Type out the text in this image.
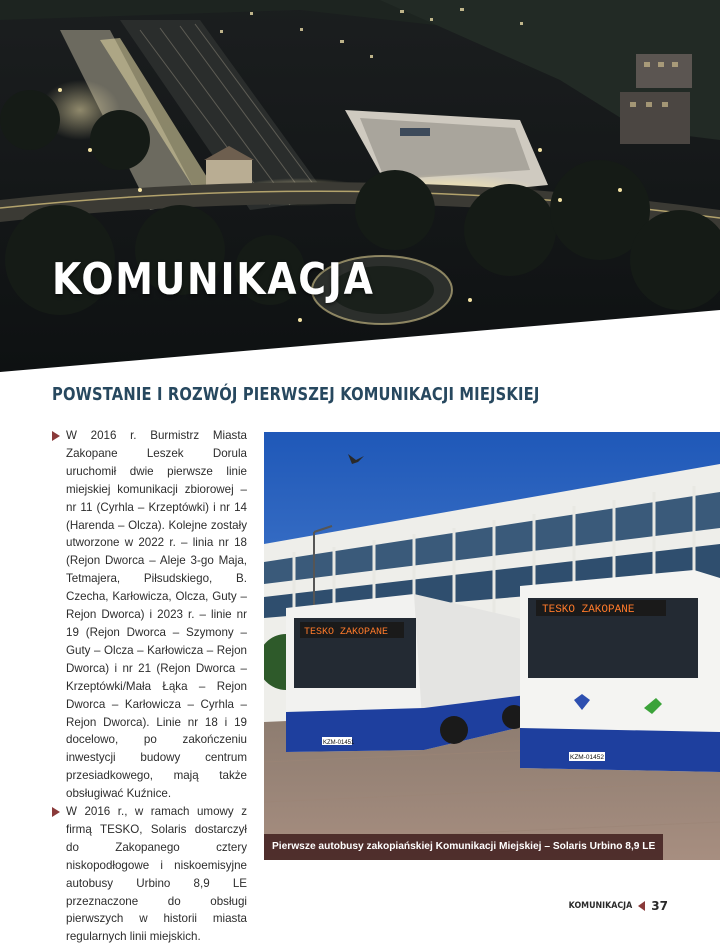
KOMUNIKACJA
POWSTANIE I ROZWÓJ PIERWSZEJ KOMUNIKACJI MIEJSKIEJ
W 2016 r. Burmistrz Miasta Zakopane Leszek Dorula uruchomił dwie pierwsze linie miejskiej komunikacji zbiorowej – nr 11 (Cyrhla – Krzeptówki) i nr 14 (Harenda – Olcza). Kolejne zostały utworzone w 2022 r. – linia nr 18 (Rejon Dworca – Aleje 3-go Maja, Tetmajera, Piłsudskiego, B. Czecha, Karłowicza, Olcza, Guty – Rejon Dworca) i 2023 r. – linie nr 19 (Rejon Dworca – Szymony – Guty – Olcza – Karłowicza – Rejon Dworca) i nr 21 (Rejon Dworca – Krzeptówki/Mała Łąka – Rejon Dworca – Karłowicza – Cyrhla – Rejon Dworca). Linie nr 18 i 19 docelowo, po zakończeniu inwestycji budowy centrum przesiadkowego, mają także obsługiwać Kuźnice.
W 2016 r., w ramach umowy z firmą TESKO, Solaris dostarczył do Zakopanego cztery niskopodłogowe i niskoemisyjne autobusy Urbino 8,9 LE przeznaczone do obsługi pierwszych w historii miasta regularnych linii miejskich.
TESKO ZAKOPANE
KZM-01451
TESKO ZAKOPANE
KZM-01452
Pierwsze autobusy zakopiańskiej Komunikacji Miejskiej – Solaris Urbino 8,9 LE
KOMUNIKACJA 37
